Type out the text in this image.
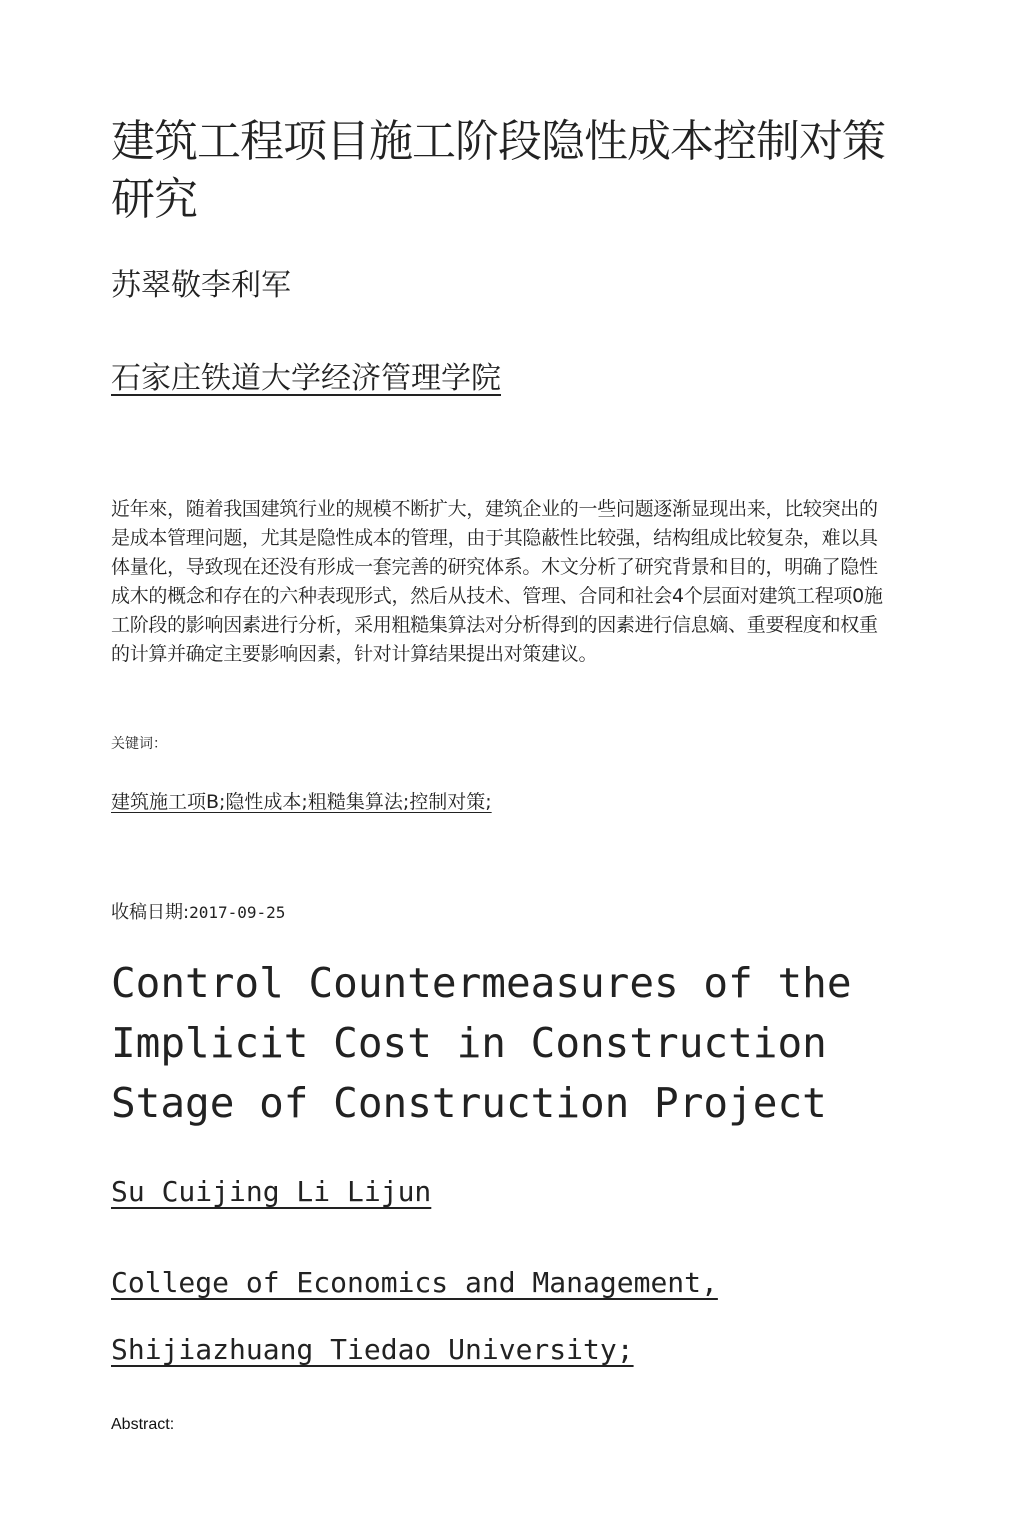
建筑工程项目施工阶段隐性成本控制对策研究
苏翠敬李利军
石家庄铁道大学经济管理学院

近年來，随着我国建筑行业的规模不断扩大，建筑企业的一些问题逐渐显现出来，比较突出的是成本管理问题，尤其是隐性成本的管理，由于其隐蔽性比较强，结构组成比较复杂，难以具体量化，导致现在还没有形成一套完善的研究体系。木文分析了研究背景和目的，明确了隐性成木的概念和存在的六种表现形式，然后从技术、管理、合同和社会4个层面对建筑工程项0施工阶段的影响因素进行分析，采用粗糙集算法对分析得到的因素进行信息嫡、重要程度和权重的计算并确定主要影响因素，针对计算结果提出对策建议。

关键词：
建筑施工项B;隐性成本;粗糙集算法;控制对策;
收稿日期:2017-09-25
Control Countermeasures of the Implicit Cost in Construction Stage of Construction Project
Su Cuijing Li Lijun
College of Economics and Management,
Shijiazhuang Tiedao University;
Abstract:
